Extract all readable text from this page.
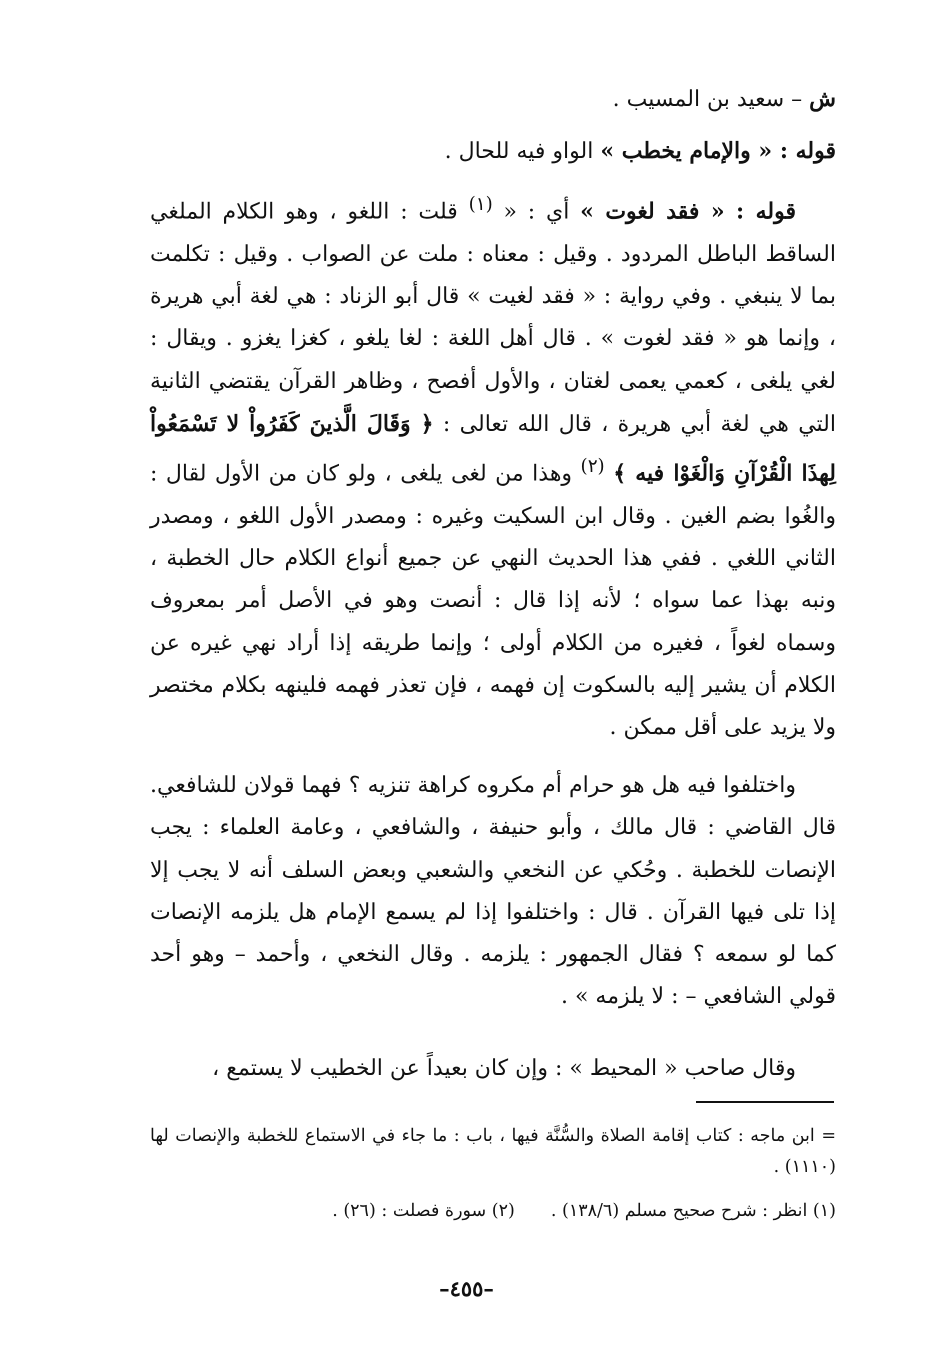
ش – سعيد بن المسيب .

قوله : « والإمام يخطب » الواو فيه للحال .

قوله : « فقد لغوت » أي : « $^{(١)}$ قلت : اللغو ، وهو الكلام الملغي الساقط الباطل المردود . وقيل : معناه : ملت عن الصواب . وقيل : تكلمت بما لا ينبغي . وفي رواية : « فقد لغيت » قال أبو الزناد : هي لغة أبي هريرة ، وإنما هو « فقد لغوت » . قال أهل اللغة : لغا يلغو ، كغزا يغزو . ويقال : لغي يلغى ، كعمي يعمى لغتان ، والأول أفصح ، وظاهر القرآن يقتضي الثانية التي هي لغة أبي هريرة ، قال الله تعالى : ﴿ وَقَالَ الَّذينَ كَفَرُواْ لا تَسْمَعُواْ لِهذَا الْقُرْآنِ وَالْغَوْا فيه ﴾ $^{(٢)}$ وهذا من لغى يلغى ، ولو كان من الأول لقال : والغُوا بضم الغين . وقال ابن السكيت وغيره : ومصدر الأول اللغو ، ومصدر الثاني اللغي . ففي هذا الحديث النهي عن جميع أنواع الكلام حال الخطبة ، ونبه بهذا عما سواه ؛ لأنه إذا قال : أنصت وهو في الأصل أمر بمعروف وسماه لغواً ، فغيره من الكلام أولى ؛ وإنما طريقه إذا أراد نهي غيره عن الكلام أن يشير إليه بالسكوت إن فهمه ، فإن تعذر فهمه فلينهه بكلام مختصر ولا يزيد على أقل ممكن .

واختلفوا فيه هل هو حرام أم مكروه كراهة تنزيه ؟ فهما قولان للشافعي. قال القاضي : قال مالك ، وأبو حنيفة ، والشافعي ، وعامة العلماء : يجب الإنصات للخطبة . وحُكي عن النخعي والشعبي وبعض السلف أنه لا يجب إلا إذا تلى فيها القرآن . قال : واختلفوا إذا لم يسمع الإمام هل يلزمه الإنصات كما لو سمعه ؟ فقال الجمهور : يلزمه . وقال النخعي ، وأحمد – وهو أحد قولي الشافعي – : لا يلزمه » .

وقال صاحب « المحيط » : وإن كان بعيداً عن الخطيب لا يستمع ،

= ابن ماجه : كتاب إقامة الصلاة والسُّنَّة فيها ، باب : ما جاء في الاستماع للخطبة والإنصات لها (١١١٠) .

(١) انظر : شرح صحيح مسلم (١٣٨/٦) .(٢) سورة فصلت : (٢٦) .

–٤٥٥–
